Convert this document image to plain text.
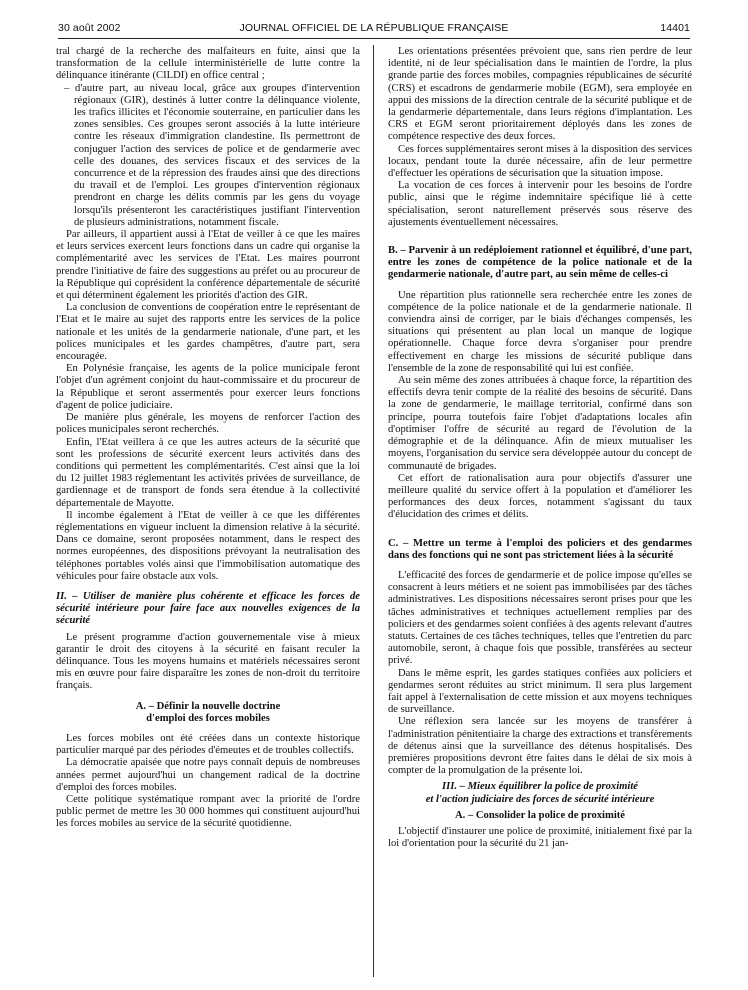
30 août 2002	JOURNAL OFFICIEL DE LA RÉPUBLIQUE FRANÇAISE	14401

tral chargé de la recherche des malfaiteurs en fuite, ainsi que la transformation de la cellule interministérielle de lutte contre la délinquance itinérante (CILDI) en office central ;

– d'autre part, au niveau local, grâce aux groupes d'intervention régionaux (GIR), destinés à lutter contre la délinquance violente, les trafics illicites et l'économie souterraine, en particulier dans les zones sensibles. Ces groupes seront associés à la lutte intérieure contre les réseaux d'immigration clandestine. Ils permettront de conjuguer l'action des services de police et de gendarmerie avec celle des douanes, des services fiscaux et des services de la concurrence et de la répression des fraudes ainsi que des directions du travail et de l'emploi. Les groupes d'intervention régionaux prendront en charge les délits commis par les gens du voyage lorsqu'ils présenteront les caractéristiques justifiant l'intervention de plusieurs administrations, notamment fiscale.

Par ailleurs, il appartient aussi à l'Etat de veiller à ce que les maires et leurs services exercent leurs fonctions dans un cadre qui organise la complémentarité avec les services de l'Etat. Les maires pourront prendre l'initiative de faire des suggestions au préfet ou au procureur de la République qui coprésident la conférence départementale de sécurité et qui déterminent également les priorités d'action des GIR.

La conclusion de conventions de coopération entre le représentant de l'Etat et le maire au sujet des rapports entre les services de la police nationale et les unités de la gendarmerie nationale, d'une part, et les polices municipales et les gardes champêtres, d'autre part, sera encouragée.

En Polynésie française, les agents de la police municipale feront l'objet d'un agrément conjoint du haut-commissaire et du procureur de la République et seront assermentés pour exercer leurs fonctions d'agent de police judiciaire.

De manière plus générale, les moyens de renforcer l'action des polices municipales seront recherchés.

Enfin, l'Etat veillera à ce que les autres acteurs de la sécurité que sont les professions de sécurité exercent leurs activités dans des conditions qui permettent les complémentarités. C'est ainsi que la loi du 12 juillet 1983 réglementant les activités privées de surveillance, de gardiennage et de transport de fonds sera étendue à la collectivité départementale de Mayotte.

Il incombe également à l'Etat de veiller à ce que les différentes réglementations en vigueur incluent la dimension relative à la sécurité. Dans ce domaine, seront proposées notamment, dans le respect des normes européennes, des dispositions prévoyant la neutralisation des téléphones portables volés ainsi que l'immobilisation automatique des véhicules pour faire obstacle aux vols.

II. – Utiliser de manière plus cohérente et efficace les forces de sécurité intérieure pour faire face aux nouvelles exigences de la sécurité

Le présent programme d'action gouvernementale vise à mieux garantir le droit des citoyens à la sécurité en faisant reculer la délinquance. Tous les moyens humains et matériels nécessaires seront mis en œuvre pour faire disparaître les zones de non-droit du territoire français.

A. – Définir la nouvelle doctrine
d'emploi des forces mobiles

Les forces mobiles ont été créées dans un contexte historique particulier marqué par des périodes d'émeutes et de troubles collectifs.

La démocratie apaisée que notre pays connaît depuis de nombreuses années permet aujourd'hui un changement radical de la doctrine d'emploi des forces mobiles.

Cette politique systématique rompant avec la priorité de l'ordre public permet de mettre les 30 000 hommes qui constituent aujourd'hui les forces mobiles au service de la sécurité quotidienne.

Les orientations présentées prévoient que, sans rien perdre de leur identité, ni de leur spécialisation dans le maintien de l'ordre, la plus grande partie des forces mobiles, compagnies républicaines de sécurité (CRS) et escadrons de gendarmerie mobile (EGM), sera employée en appui des missions de la direction centrale de la sécurité publique et de la gendarmerie départementale, dans leurs régions d'implantation. Les CRS et EGM seront prioritairement déployés dans les zones de compétence respective des deux forces.

Ces forces supplémentaires seront mises à la disposition des services locaux, pendant toute la durée nécessaire, afin de leur permettre d'effectuer les opérations de sécurisation que la situation impose.

La vocation de ces forces à intervenir pour les besoins de l'ordre public, ainsi que le régime indemnitaire spécifique lié à cette spécialisation, seront naturellement préservés sous réserve des ajustements éventuellement nécessaires.

B. – Parvenir à un redéploiement rationnel et équilibré, d'une part, entre les zones de compétence de la police nationale et de la gendarmerie nationale, d'autre part, au sein même de celles-ci

Une répartition plus rationnelle sera recherchée entre les zones de compétence de la police nationale et de la gendarmerie nationale. Il conviendra ainsi de corriger, par le biais d'échanges compensés, les situations qui présentent au plan local un manque de logique opérationnelle. Chaque force devra s'organiser pour prendre effectivement en charge les missions de sécurité publique dans l'ensemble de la zone de responsabilité qui lui est confiée.

Au sein même des zones attribuées à chaque force, la répartition des effectifs devra tenir compte de la réalité des besoins de sécurité. Dans la zone de gendarmerie, le maillage territorial, confirmé dans son principe, pourra toutefois faire l'objet d'adaptations locales afin d'optimiser l'offre de sécurité au regard de l'évolution de la démographie et de la délinquance. Afin de mieux mutualiser les moyens, l'organisation du service sera développée autour du concept de communauté de brigades.

Cet effort de rationalisation aura pour objectifs d'assurer une meilleure qualité du service offert à la population et d'améliorer les performances des deux forces, notamment s'agissant du taux d'élucidation des crimes et délits.

C. – Mettre un terme à l'emploi des policiers et des gendarmes dans des fonctions qui ne sont pas strictement liées à la sécurité

L'efficacité des forces de gendarmerie et de police impose qu'elles se consacrent à leurs métiers et ne soient pas immobilisées par des tâches administratives. Les dispositions nécessaires seront prises pour que les tâches administratives et techniques actuellement remplies par des policiers et des gendarmes soient confiées à des agents relevant d'autres statuts. Certaines de ces tâches techniques, telles que l'entretien du parc automobile, seront, à chaque fois que possible, transférées au secteur privé.

Dans le même esprit, les gardes statiques confiées aux policiers et gendarmes seront réduites au strict minimum. Il sera plus largement fait appel à l'externalisation de cette mission et aux moyens techniques de surveillance.

Une réflexion sera lancée sur les moyens de transférer à l'administration pénitentiaire la charge des extractions et transfèrements de détenus ainsi que la surveillance des détenus hospitalisés. Des premières propositions devront être faites dans le délai de six mois à compter de la promulgation de la présente loi.

III. – Mieux équilibrer la police de proximité
et l'action judiciaire des forces de sécurité intérieure
A. – Consolider la police de proximité

L'objectif d'instaurer une police de proximité, initialement fixé par la loi d'orientation pour la sécurité du 21 jan-
